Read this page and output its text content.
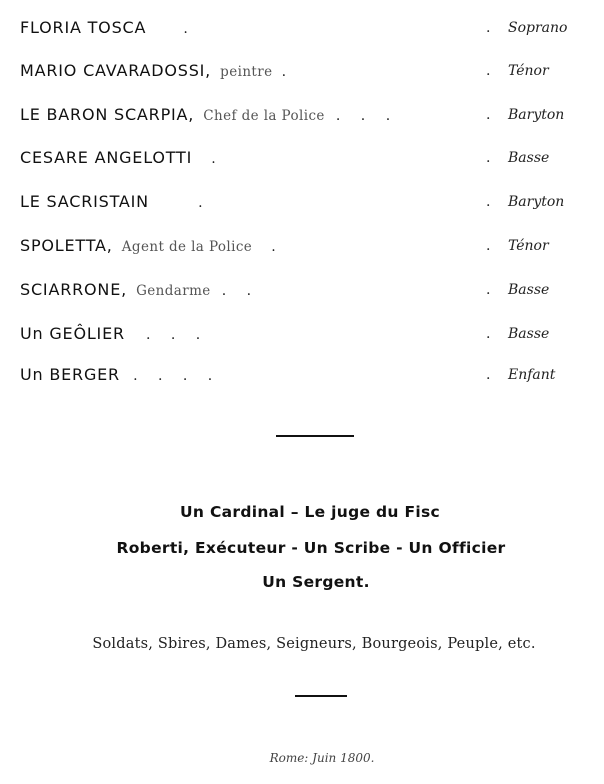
FLORIA TOSCA	.	. Soprano
MARIO CAVARADOSSI, peintre .	. Ténor
LE BARON SCARPIA, Chef de la Police . . .	. Baryton
CESARE ANGELOTTI .	. Basse
LE SACRISTAIN	.	. Baryton
SPOLETTA, Agent de la Police .	. Ténor
SCIARRONE, Gendarme . .	. Basse
Un GEÔLIER . . .	. Basse
Un BERGER . . . .	. Enfant
Un Cardinal – Le juge du Fisc
Roberti, Exécuteur - Un Scribe - Un Officier
Un Sergent.
Soldats, Sbires, Dames, Seigneurs, Bourgeois, Peuple, etc.
Rome: Juin 1800.
